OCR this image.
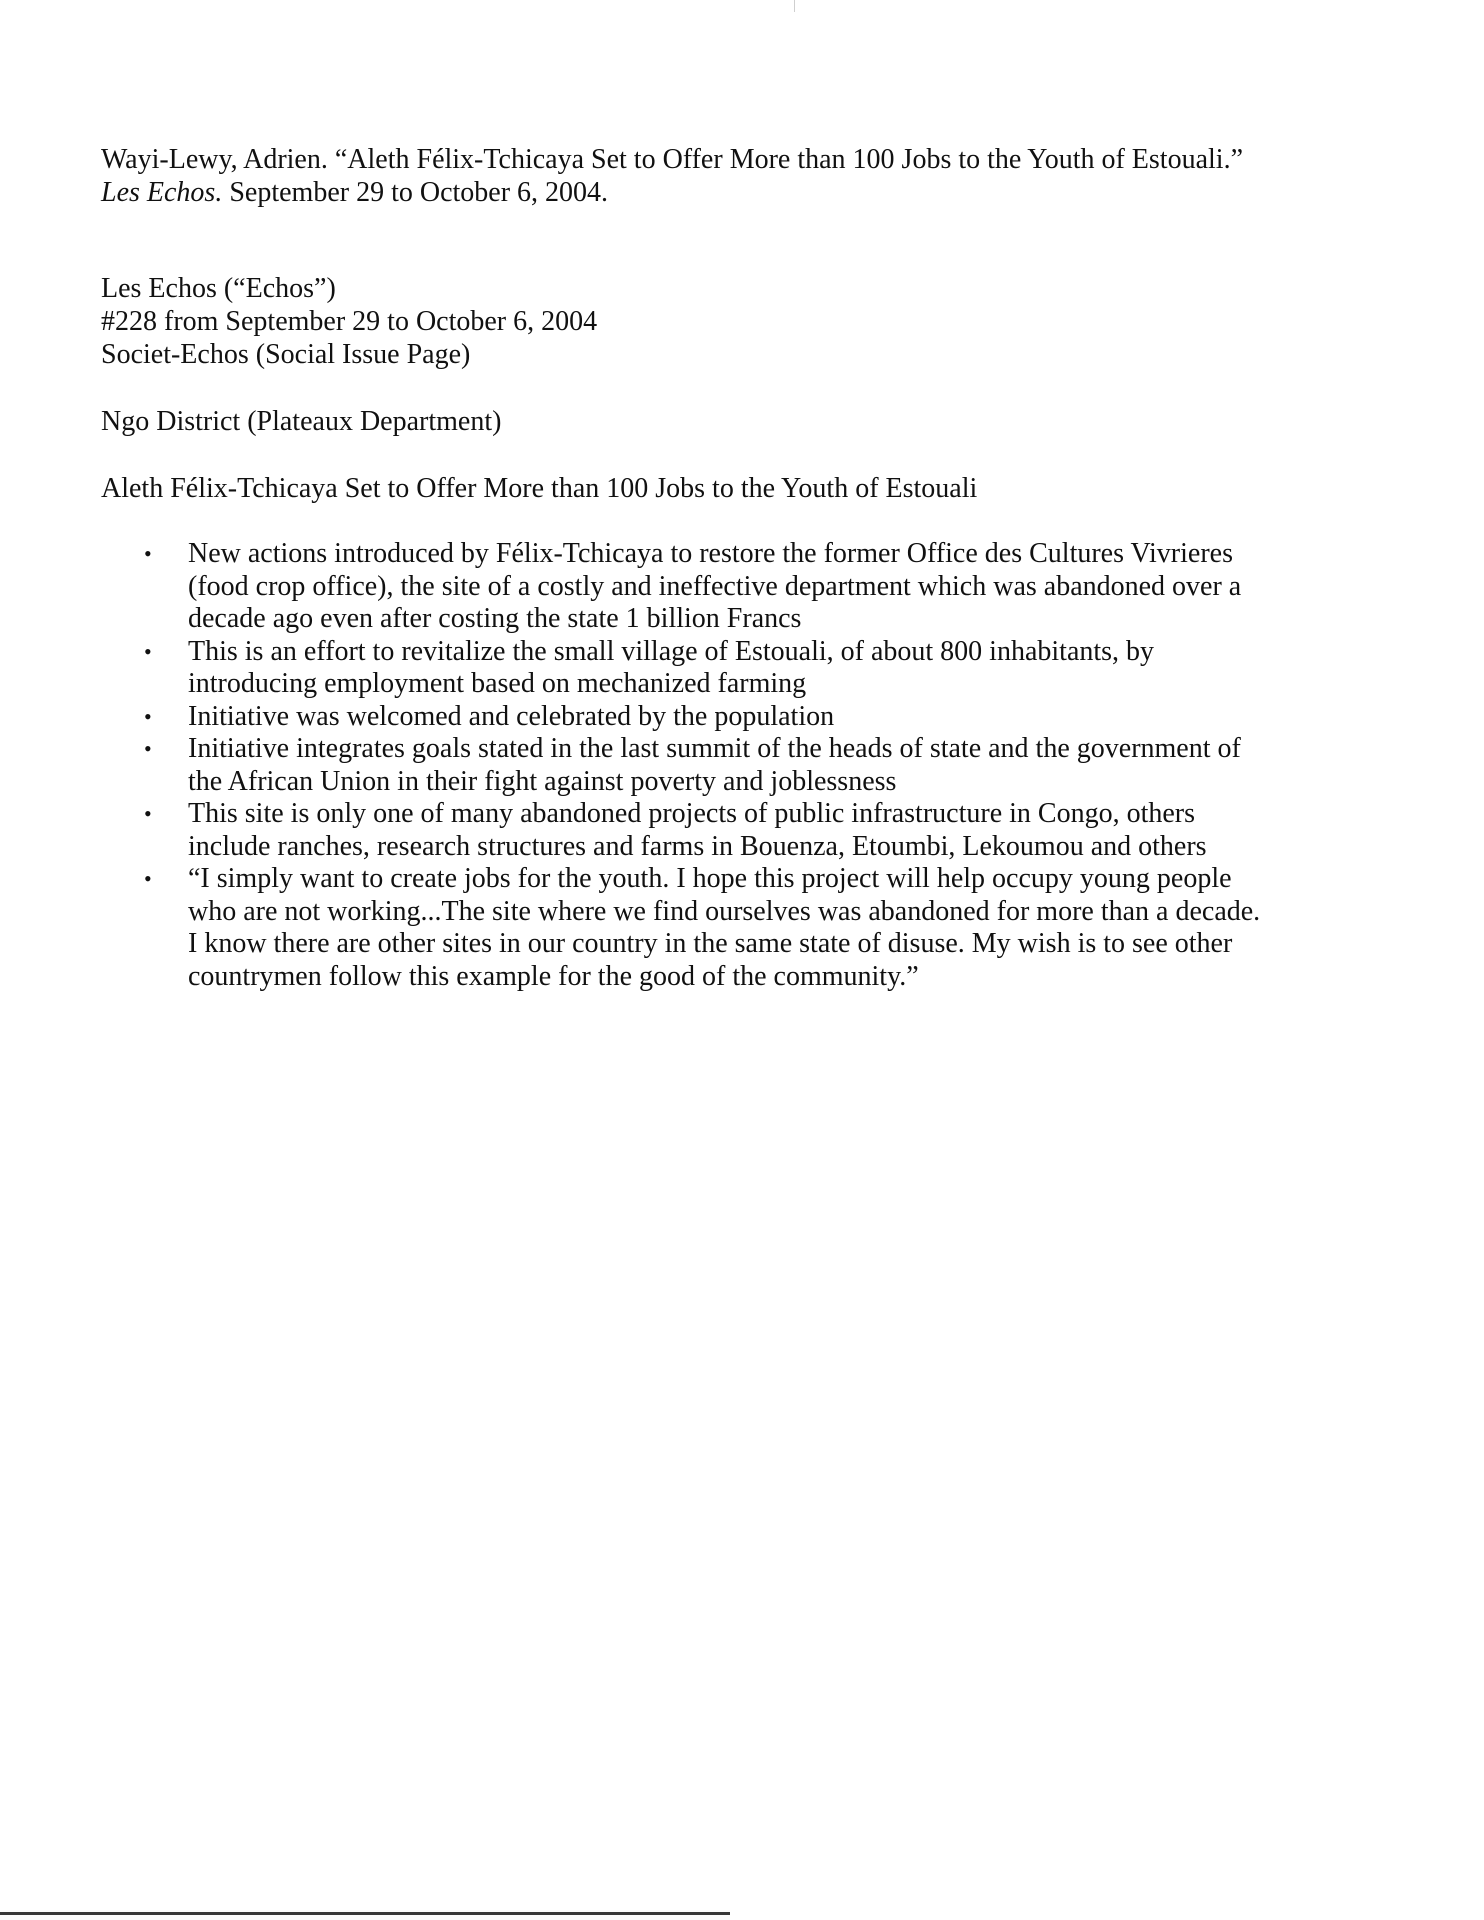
Wayi-Lewy, Adrien. “Aleth Félix-Tchicaya Set to Offer More than 100 Jobs to the Youth of Estouali.”
Les Echos. September 29 to October 6, 2004.
Les Echos (“Echos”)
#228 from September 29 to October 6, 2004
Societ-Echos (Social Issue Page)
Ngo District (Plateaux Department)
Aleth Félix-Tchicaya Set to Offer More than 100 Jobs to the Youth of Estouali
• New actions introduced by Félix-Tchicaya to restore the former Office des Cultures Vivrieres
(food crop office), the site of a costly and ineffective department which was abandoned over a
decade ago even after costing the state 1 billion Francs
• This is an effort to revitalize the small village of Estouali, of about 800 inhabitants, by
introducing employment based on mechanized farming
• Initiative was welcomed and celebrated by the population
• Initiative integrates goals stated in the last summit of the heads of state and the government of
the African Union in their fight against poverty and joblessness
• This site is only one of many abandoned projects of public infrastructure in Congo, others
include ranches, research structures and farms in Bouenza, Etoumbi, Lekoumou and others
• “I simply want to create jobs for the youth. I hope this project will help occupy young people
who are not working...The site where we find ourselves was abandoned for more than a decade.
I know there are other sites in our country in the same state of disuse. My wish is to see other
countrymen follow this example for the good of the community.”
